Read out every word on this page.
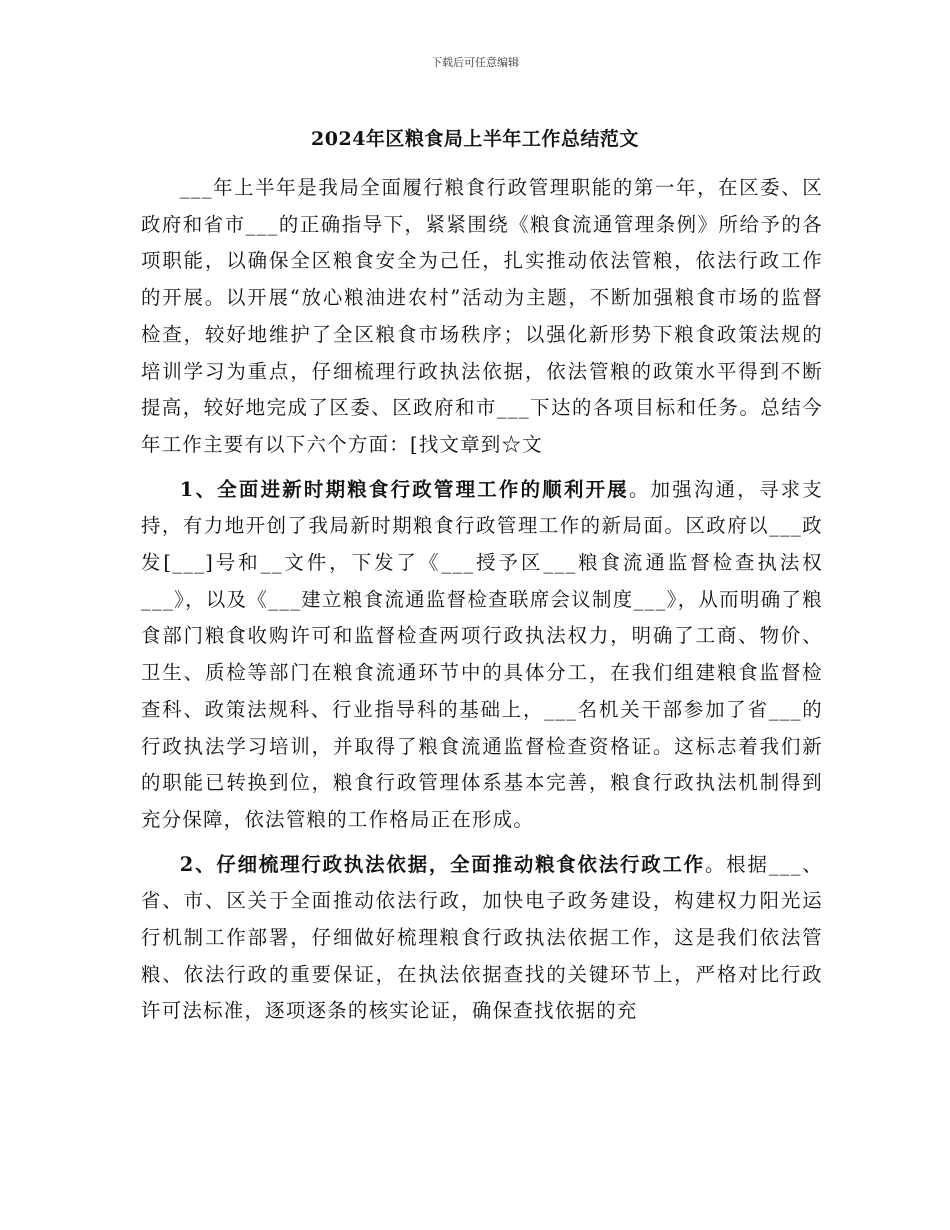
下载后可任意编辑
2024年区粮食局上半年工作总结范文

___年上半年是我局全面履行粮食行政管理职能的第一年，在区委、区政府和省市___的正确指导下，紧紧围绕《粮食流通管理条例》所给予的各项职能，以确保全区粮食安全为己任，扎实推动依法管粮，依法行政工作的开展。以开展“放心粮油进农村”活动为主题，不断加强粮食市场的监督检查，较好地维护了全区粮食市场秩序；以强化新形势下粮食政策法规的培训学习为重点，仔细梳理行政执法依据，依法管粮的政策水平得到不断提高，较好地完成了区委、区政府和市___下达的各项目标和任务。总结今年工作主要有以下六个方面：[找文章到☆文

1、全面进新时期粮食行政管理工作的顺利开展。加强沟通，寻求支持，有力地开创了我局新时期粮食行政管理工作的新局面。区政府以___政发[___]号和__文件，下发了《___授予区___粮食流通监督检查执法权___》，以及《___建立粮食流通监督检查联席会议制度___》，从而明确了粮食部门粮食收购许可和监督检查两项行政执法权力，明确了工商、物价、卫生、质检等部门在粮食流通环节中的具体分工，在我们组建粮食监督检查科、政策法规科、行业指导科的基础上，___名机关干部参加了省___的行政执法学习培训，并取得了粮食流通监督检查资格证。这标志着我们新的职能已转换到位，粮食行政管理体系基本完善，粮食行政执法机制得到充分保障，依法管粮的工作格局正在形成。

2、仔细梳理行政执法依据，全面推动粮食依法行政工作。根据___、省、市、区关于全面推动依法行政，加快电子政务建设，构建权力阳光运行机制工作部署，仔细做好梳理粮食行政执法依据工作，这是我们依法管粮、依法行政的重要保证，在执法依据查找的关键环节上，严格对比行政许可法标准，逐项逐条的核实论证，确保查找依据的充
